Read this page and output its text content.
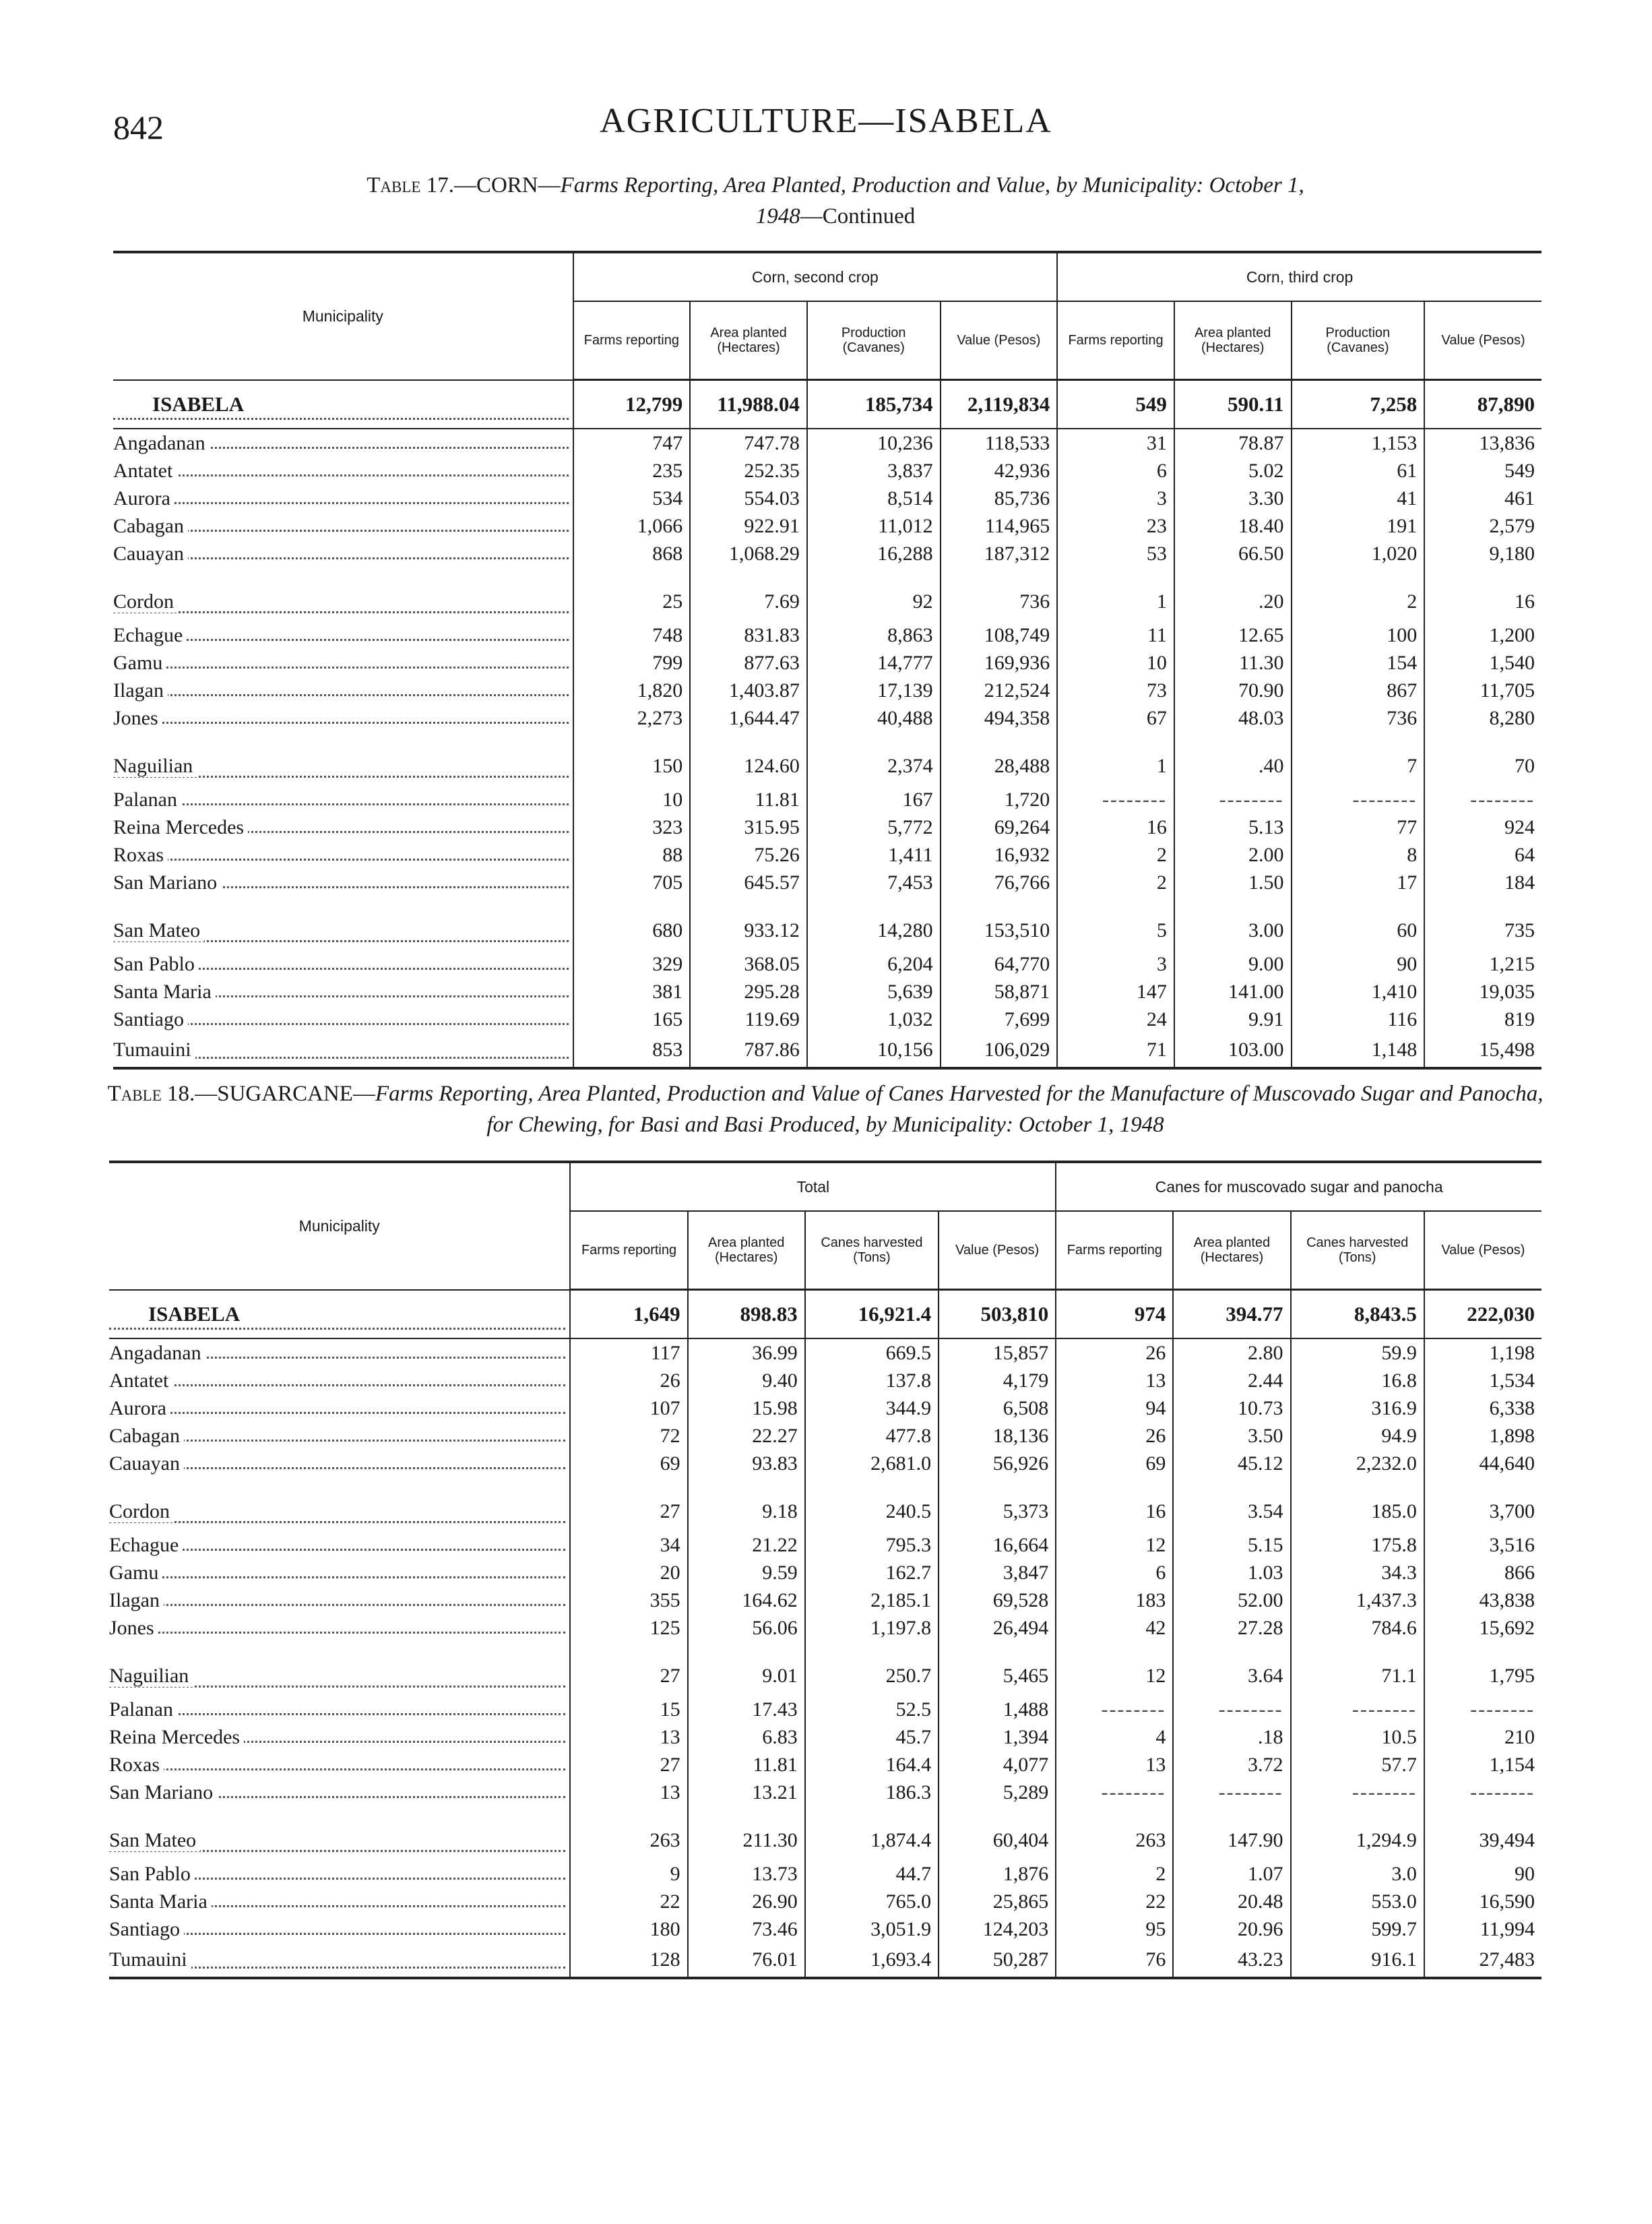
842	AGRICULTURE—ISABELA
Table 17.—CORN—Farms Reporting, Area Planted, Production and Value, by Municipality: October 1, 1948—Continued
Municipality	Corn, second crop				Corn, third crop			
	Farms reporting	Area planted (Hectares)	Production (Cavanes)	Value (Pesos)	Farms reporting	Area planted (Hectares)	Production (Cavanes)	Value (Pesos)
ISABELA	12,799	11,988.04	185,734	2,119,834	549	590.11	7,258	87,890
Angadanan	747	747.78	10,236	118,533	31	78.87	1,153	13,836
Antatet	235	252.35	3,837	42,936	6	5.02	61	549
Aurora	534	554.03	8,514	85,736	3	3.30	41	461
Cabagan	1,066	922.91	11,012	114,965	23	18.40	191	2,579
Cauayan	868	1,068.29	16,288	187,312	53	66.50	1,020	9,180
Cordon	25	7.69	92	736	1	.20	2	16
Echague	748	831.83	8,863	108,749	11	12.65	100	1,200
Gamu	799	877.63	14,777	169,936	10	11.30	154	1,540
Ilagan	1,820	1,403.87	17,139	212,524	73	70.90	867	11,705
Jones	2,273	1,644.47	40,488	494,358	67	48.03	736	8,280
Naguilian	150	124.60	2,374	28,488	1	.40	7	70
Palanan	10	11.81	167	1,720	--------	--------	--------	--------
Reina Mercedes	323	315.95	5,772	69,264	16	5.13	77	924
Roxas	88	75.26	1,411	16,932	2	2.00	8	64
San Mariano	705	645.57	7,453	76,766	2	1.50	17	184
San Mateo	680	933.12	14,280	153,510	5	3.00	60	735
San Pablo	329	368.05	6,204	64,770	3	9.00	90	1,215
Santa Maria	381	295.28	5,639	58,871	147	141.00	1,410	19,035
Santiago	165	119.69	1,032	7,699	24	9.91	116	819
Tumauini	853	787.86	10,156	106,029	71	103.00	1,148	15,498
Table 18.—SUGARCANE—Farms Reporting, Area Planted, Production and Value of Canes Harvested for the Manufacture of Muscovado Sugar and Panocha, for Chewing, for Basi and Basi Produced, by Municipality: October 1, 1948
Municipality	Total				Canes for muscovado sugar and panocha			
	Farms reporting	Area planted (Hectares)	Canes harvested (Tons)	Value (Pesos)	Farms reporting	Area planted (Hectares)	Canes harvested (Tons)	Value (Pesos)
ISABELA	1,649	898.83	16,921.4	503,810	974	394.77	8,843.5	222,030
Angadanan	117	36.99	669.5	15,857	26	2.80	59.9	1,198
Antatet	26	9.40	137.8	4,179	13	2.44	16.8	1,534
Aurora	107	15.98	344.9	6,508	94	10.73	316.9	6,338
Cabagan	72	22.27	477.8	18,136	26	3.50	94.9	1,898
Cauayan	69	93.83	2,681.0	56,926	69	45.12	2,232.0	44,640
Cordon	27	9.18	240.5	5,373	16	3.54	185.0	3,700
Echague	34	21.22	795.3	16,664	12	5.15	175.8	3,516
Gamu	20	9.59	162.7	3,847	6	1.03	34.3	866
Ilagan	355	164.62	2,185.1	69,528	183	52.00	1,437.3	43,838
Jones	125	56.06	1,197.8	26,494	42	27.28	784.6	15,692
Naguilian	27	9.01	250.7	5,465	12	3.64	71.1	1,795
Palanan	15	17.43	52.5	1,488	--------	--------	--------	--------
Reina Mercedes	13	6.83	45.7	1,394	4	.18	10.5	210
Roxas	27	11.81	164.4	4,077	13	3.72	57.7	1,154
San Mariano	13	13.21	186.3	5,289	--------	--------	--------	--------
San Mateo	263	211.30	1,874.4	60,404	263	147.90	1,294.9	39,494
San Pablo	9	13.73	44.7	1,876	2	1.07	3.0	90
Santa Maria	22	26.90	765.0	25,865	22	20.48	553.0	16,590
Santiago	180	73.46	3,051.9	124,203	95	20.96	599.7	11,994
Tumauini	128	76.01	1,693.4	50,287	76	43.23	916.1	27,483
